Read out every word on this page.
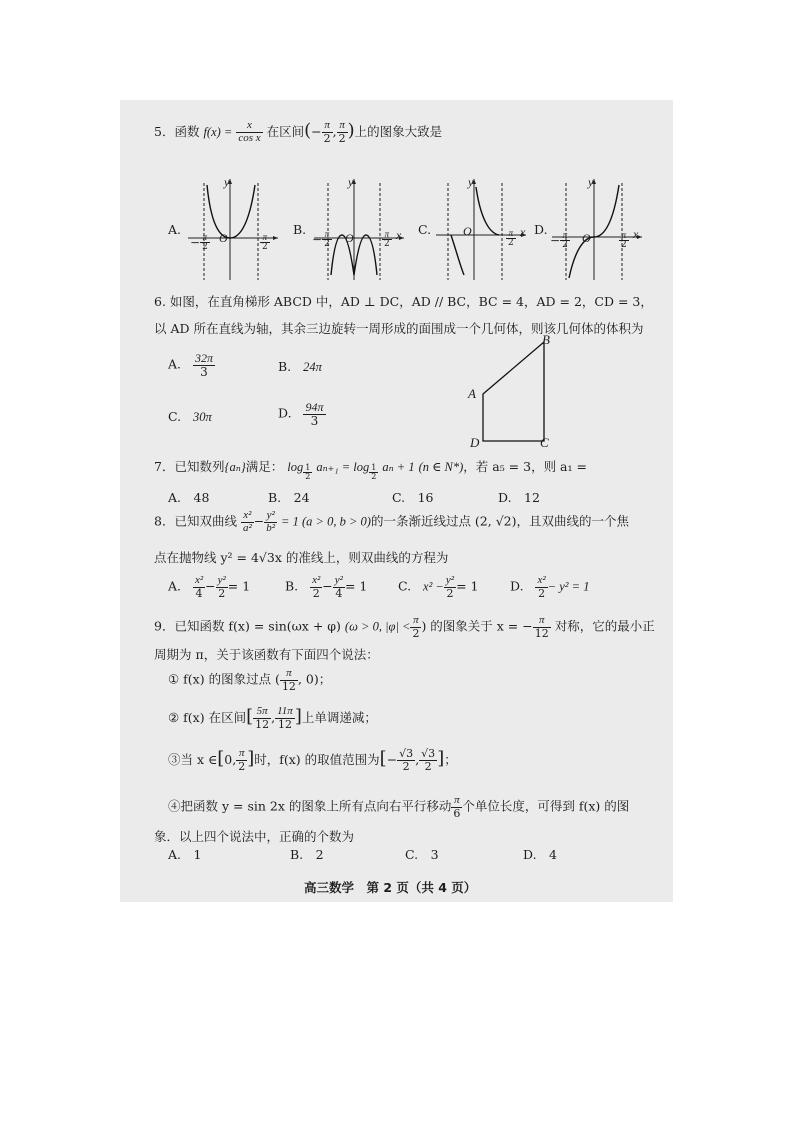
5．函数 $f(x) = \frac{x}{\text{cos x}}$ 在区间(− $\frac{\pi}{2}$ , $\frac{\pi}{2}$ )上的图象大致是
A.	B.	C.	D.
y
O
− $\frac{\pi}{2}$	$\frac{\pi}{2}$
y
O	x
− $\frac{\pi}{2}$	$\frac{\pi}{2}$
y
O	x
$\frac{\pi}{2}$
y
O	x
− $\frac{\pi}{2}$	$\frac{\pi}{2}$
6. 如图，在直角梯形 ABCD 中，AD ⊥ DC，AD // BC，BC = 4，AD = 2，CD = 3，
以 AD 所在直线为轴，其余三边旋转一周形成的面围成一个几何体，则该几何体的体积为
A. $\frac{32\pi}{3}$	B. 24π
C. 30π	D. $\frac{94\pi}{3}$
B
A
D	C
7．已知数列{aₙ}满足： $\log \frac{1}{2} a_{n+1} = \log \frac{1}{2}$ aₙ + 1 (n ∈ N*)，若 a₅ = 3，则 a₁ =
A.　48	B.　24	C.　16	D.　12
8．已知双曲线 $\frac{\text{x²}}{\text{a²}} - \frac{\text{y²}}{\text{b²}} = 1$ (a > 0, b > 0)的一条渐近线过点 (2, √2)，且双曲线的一个焦
点在抛物线 y² = 4√3x 的准线上，则双曲线的方程为
A. $\frac{\text{x²}}{4} - \frac{\text{y²}}{2} = 1$	B. $\frac{\text{x²}}{2} - \frac{\text{y²}}{4} = 1$ C. $x^2 - \frac{\text{y²}}{2} = 1$	D. $\frac{\text{x²}}{2} - y^2 = 1$
9．已知函数 f(x) = sin(ωx + φ) (ω > 0, $|\varphi| < \frac{\pi}{2}$ ) 的图象关于 x = − $\frac{\pi}{12}$ 对称，它的最小正
周期为 π，关于该函数有下面四个说法：
① f(x) 的图象过点 ( $\frac{\pi}{12}$ , 0)；
② f(x) 在区间[ $\frac{5\pi}{12}$ , $\frac{11\pi}{12}$ ]上单调递减；
③当 x ∈[0, $\frac{\pi}{2}$ ]时，f(x) 的取值范围为[− $\frac{√3}{2}$ , $\frac{√3}{2}$ ]；
④把函数 y = sin 2x 的图象上所有点向右平行移动 $\frac{\pi}{6}$ 个单位长度，可得到 f(x) 的图
象．以上四个说法中，正确的个数为
A.　1	B.　2	C.　3	D.　4
高三数学　第 2 页（共 4 页）
